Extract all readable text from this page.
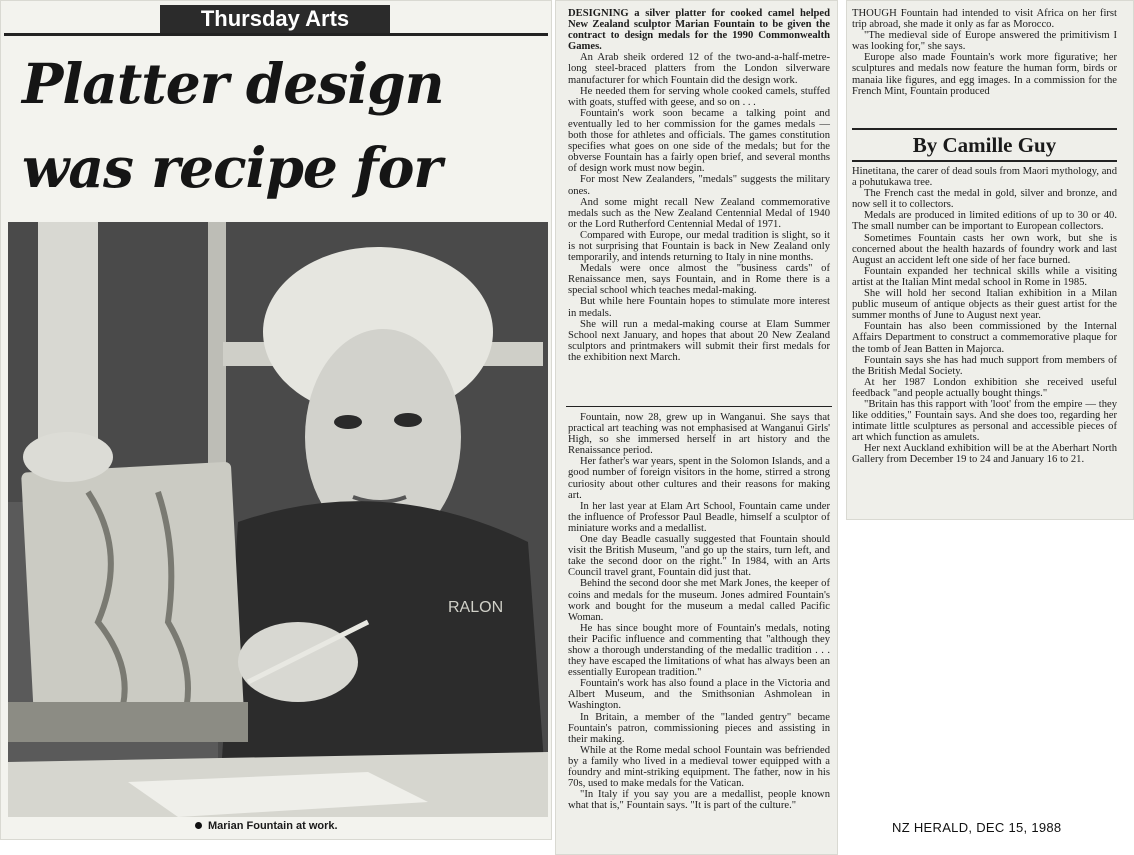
Thursday Arts
Platter design was recipe for
RALON
Marian Fountain at work.

DESIGNING a silver platter for cooked camel helped New Zealand sculptor Marian Fountain to be given the contract to design medals for the 1990 Commonwealth Games.

An Arab sheik ordered 12 of the two-and-a-half-metre-long steel-braced platters from the London silverware manufacturer for which Fountain did the design work.

He needed them for serving whole cooked camels, stuffed with goats, stuffed with geese, and so on . . .

Fountain's work soon became a talking point and eventually led to her commission for the games medals — both those for athletes and officials. The games constitution specifies what goes on one side of the medals; but for the obverse Fountain has a fairly open brief, and several months of design work must now begin.

For most New Zealanders, "medals" suggests the military ones.

And some might recall New Zealand commemorative medals such as the New Zealand Centennial Medal of 1940 or the Lord Rutherford Centennial Medal of 1971.

Compared with Europe, our medal tradition is slight, so it is not surprising that Fountain is back in New Zealand only temporarily, and intends returning to Italy in nine months.

Medals were once almost the "business cards" of Renaissance men, says Fountain, and in Rome there is a special school which teaches medal-making.

But while here Fountain hopes to stimulate more interest in medals.

She will run a medal-making course at Elam Summer School next January, and hopes that about 20 New Zealand sculptors and printmakers will submit their first medals for the exhibition next March.

Fountain, now 28, grew up in Wanganui. She says that practical art teaching was not emphasised at Wanganui Girls' High, so she immersed herself in art history and the Renaissance period.

Her father's war years, spent in the Solomon Islands, and a good number of foreign visitors in the home, stirred a strong curiosity about other cultures and their reasons for making art.

In her last year at Elam Art School, Fountain came under the influence of Professor Paul Beadle, himself a sculptor of miniature works and a medallist.

One day Beadle casually suggested that Fountain should visit the British Museum, "and go up the stairs, turn left, and take the second door on the right." In 1984, with an Arts Council travel grant, Fountain did just that.

Behind the second door she met Mark Jones, the keeper of coins and medals for the museum. Jones admired Fountain's work and bought for the museum a medal called Pacific Woman.

He has since bought more of Fountain's medals, noting their Pacific influence and commenting that "although they show a thorough understanding of the medallic tradition . . . they have escaped the limitations of what has always been an essentially European tradition."

Fountain's work has also found a place in the Victoria and Albert Museum, and the Smithsonian Ashmolean in Washington.

In Britain, a member of the "landed gentry" became Fountain's patron, commissioning pieces and assisting in their making.

While at the Rome medal school Fountain was befriended by a family who lived in a medieval tower equipped with a foundry and mint-striking equipment. The father, now in his 70s, used to make medals for the Vatican.

"In Italy if you say you are a medallist, people known what that is," Fountain says. "It is part of the culture."

THOUGH Fountain had intended to visit Africa on her first trip abroad, she made it only as far as Morocco.

"The medieval side of Europe answered the primitivism I was looking for," she says.

Europe also made Fountain's work more figurative; her sculptures and medals now feature the human form, birds or manaia like figures, and egg images. In a commission for the French Mint, Fountain produced

By Camille Guy

Hinetitana, the carer of dead souls from Maori mythology, and a pohutukawa tree.

The French cast the medal in gold, silver and bronze, and now sell it to collectors.

Medals are produced in limited editions of up to 30 or 40. The small number can be important to European collectors.

Sometimes Fountain casts her own work, but she is concerned about the health hazards of foundry work and last August an accident left one side of her face burned.

Fountain expanded her technical skills while a visiting artist at the Italian Mint medal school in Rome in 1985.

She will hold her second Italian exhibition in a Milan public museum of antique objects as their guest artist for the summer months of June to August next year.

Fountain has also been commissioned by the Internal Affairs Department to construct a commemorative plaque for the tomb of Jean Batten in Majorca.

Fountain says she has had much support from members of the British Medal Society.

At her 1987 London exhibition she received useful feedback "and people actually bought things."

"Britain has this rapport with 'loot' from the empire — they like oddities," Fountain says. And she does too, regarding her intimate little sculptures as personal and accessible pieces of art which function as amulets.

Her next Auckland exhibition will be at the Aberhart North Gallery from December 19 to 24 and January 16 to 21.

NZ HERALD, DEC 15, 1988
